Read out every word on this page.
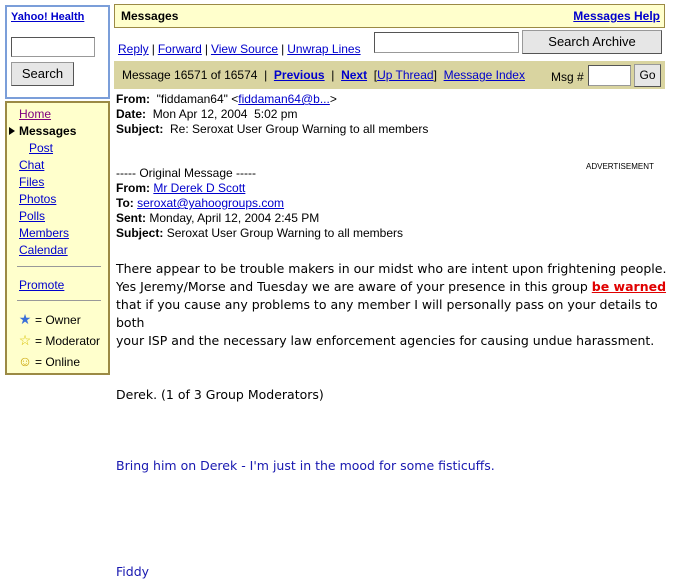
Yahoo! Health
Search
Home
Messages
Post
Chat
Files
Photos
Polls
Members
Calendar
Promote
★ = Owner
☆ = Moderator
☺ = Online
Messages	Messages Help
Reply | Forward | View Source | Unwrap Lines	Search Archive
Message 16571 of 16574  |  Previous  |  Next  [Up Thread]  Message Index Msg #	Go
From: "fiddaman64" <fiddaman64@b...>
Date: Mon Apr 12, 2004  5:02 pm
Subject: Re: Seroxat User Group Warning to all members
ADVERTISEMENT
----- Original Message -----
From: Mr Derek D Scott
To: seroxat@yahoogroups.com
Sent: Monday, April 12, 2004 2:45 PM
Subject: Seroxat User Group Warning to all members
There appear to be trouble makers in our midst who are intent upon frightening people.
Yes Jeremy/Morse and Tuesday we are aware of your presence in this group be warned
that if you cause any problems to any member I will personally pass on your details to both
your ISP and the necessary law enforcement agencies for causing undue harassment.
Derek. (1 of 3 Group Moderators)
Bring him on Derek - I'm just in the mood for some fisticuffs.
Fiddy
